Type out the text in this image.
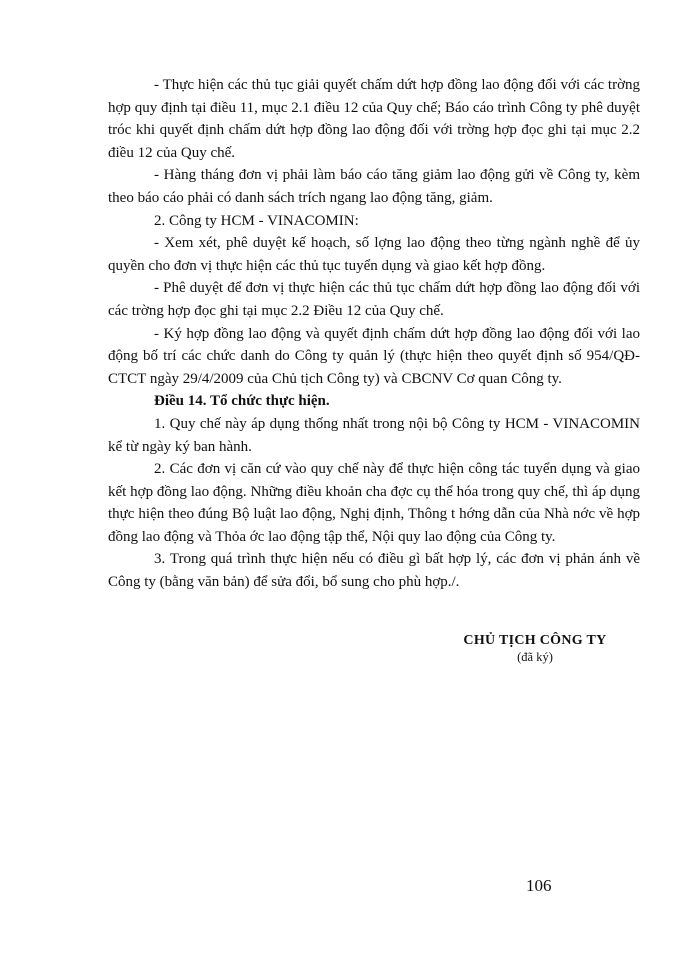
- Thực hiện các thủ tục giải quyết chấm dứt hợp đồng lao động đối với các trờng hợp quy định tại điều 11, mục 2.1 điều 12 của Quy chế; Báo cáo trình Công ty phê duyệt tróc khi quyết định chấm dứt hợp đồng lao động đối với trờng hợp đọc ghi tại mục 2.2 điều 12 của Quy chế.

- Hàng tháng đơn vị phải làm báo cáo tăng giảm lao động gửi về Công ty, kèm theo báo cáo phải có danh sách trích ngang lao động tăng, giảm.

2. Công ty HCM - VINACOMIN:

- Xem xét, phê duyệt kế hoạch, số lợng lao động theo từng ngành nghề để ủy quyền cho đơn vị thực hiện các thủ tục tuyển dụng và giao kết hợp đồng.

- Phê duyệt để đơn vị thực hiện các thủ tục chấm dứt hợp đồng lao động đối với các trờng hợp đọc ghi tại mục 2.2 Điều 12 của Quy chế.

- Ký hợp đồng lao động và quyết định chấm dứt hợp đồng lao động đối với lao động bố trí các chức danh do Công ty quản lý (thực hiện theo quyết định số 954/QĐ- CTCT ngày 29/4/2009 của Chủ tịch Công ty) và CBCNV Cơ quan Công ty.

Điều 14. Tổ chức thực hiện.

1. Quy chế này áp dụng thống nhất trong nội bộ Công ty HCM - VINACOMIN kể từ ngày ký ban hành.

2. Các đơn vị căn cứ vào quy chế này để thực hiện công tác tuyển dụng và giao kết hợp đồng lao động. Những điều khoản cha đợc cụ thể hóa trong quy chế, thì áp dụng thực hiện theo đúng Bộ luật lao động, Nghị định, Thông t hớng dẫn của Nhà nớc về hợp đồng lao động và Thỏa ớc lao động tập thể, Nội quy lao động của Công ty.

3. Trong quá trình thực hiện nếu có điều gì bất hợp lý, các đơn vị phản ánh về Công ty (bằng văn bản) để sửa đổi, bổ sung cho phù hợp./.

CHỦ TỊCH CÔNG TY
(đã ký)
106
